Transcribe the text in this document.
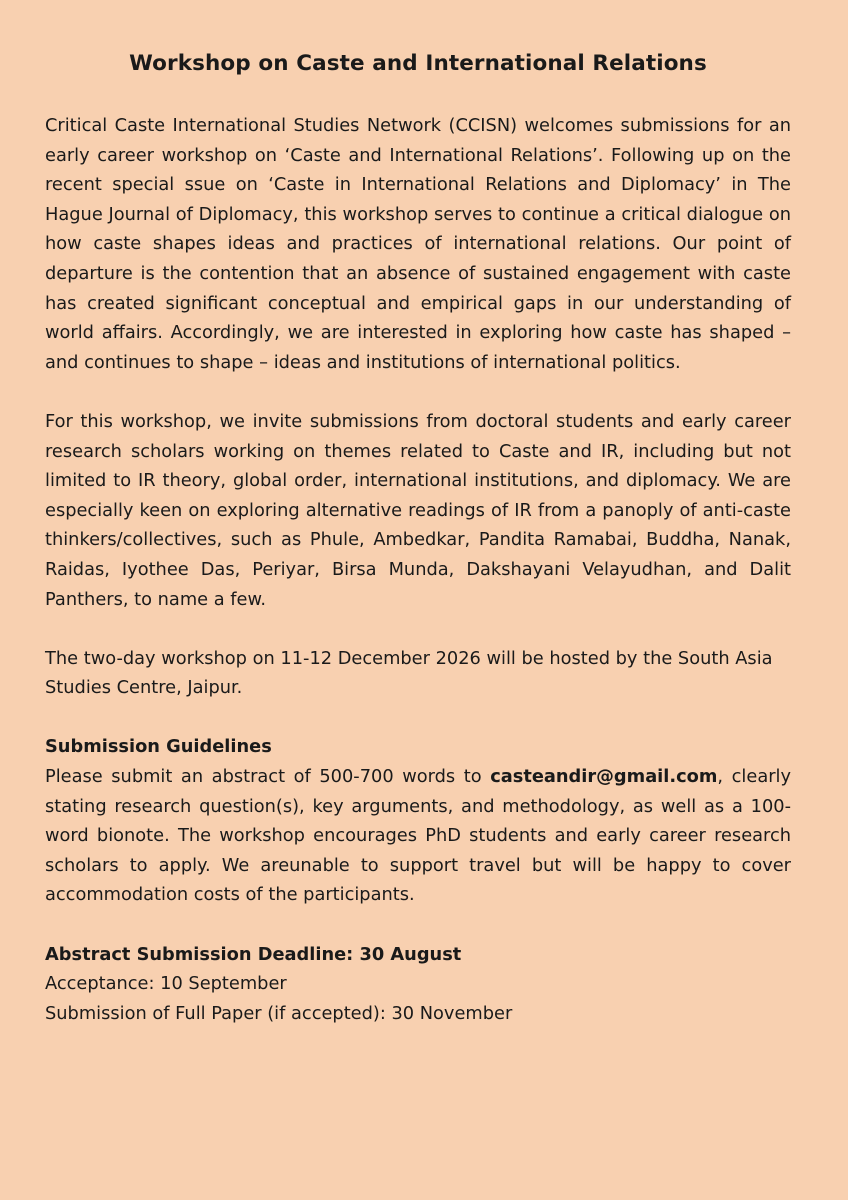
Workshop on Caste and International Relations

Critical Caste International Studies Network (CCISN) welcomes submissions for an early career workshop on ‘Caste and International Relations’. Following up on the recent special ssue on ‘Caste in International Relations and Diplomacy’ in The Hague Journal of Diplomacy, this workshop serves to continue a critical dialogue on how caste shapes ideas and practices of international relations. Our point of departure is the contention that an absence of sustained engagement with caste has created significant conceptual and empirical gaps in our understanding of world affairs. Accordingly, we are interested in exploring how caste has shaped – and continues to shape – ideas and institutions of international politics.

For this workshop, we invite submissions from doctoral students and early career research scholars working on themes related to Caste and IR, including but not limited to IR theory, global order, international institutions, and diplomacy. We are especially keen on exploring alternative readings of IR from a panoply of anti-caste thinkers/collectives, such as Phule, Ambedkar, Pandita Ramabai, Buddha, Nanak, Raidas, Iyothee Das, Periyar, Birsa Munda, Dakshayani Velayudhan, and Dalit Panthers, to name a few.

The two-day workshop on 11-12 December 2026 will be hosted by the South Asia Studies Centre, Jaipur.

Submission Guidelines

Please submit an abstract of 500-700 words to casteandir@gmail.com, clearly stating research question(s), key arguments, and methodology, as well as a 100-word bionote. The workshop encourages PhD students and early career research scholars to apply. We areunable to support travel but will be happy to cover accommodation costs of the participants.

Abstract Submission Deadline: 30 August

Acceptance: 10 September

Submission of Full Paper (if accepted): 30 November
